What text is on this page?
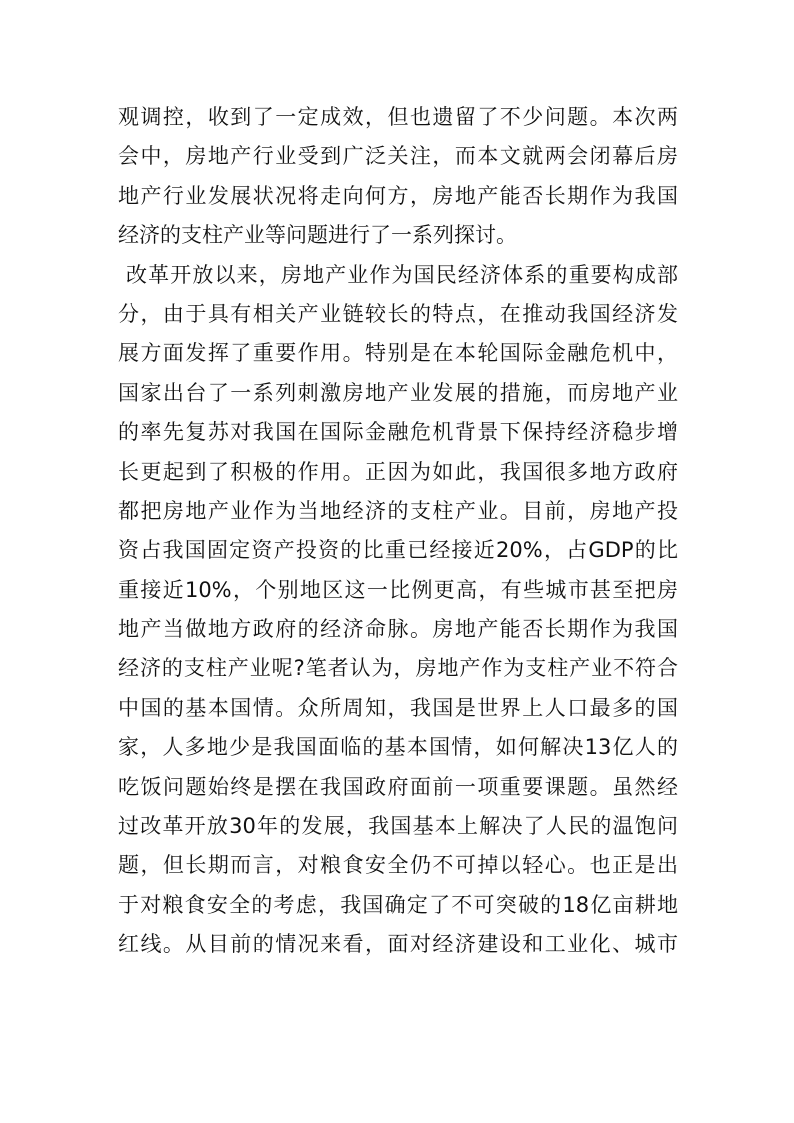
观调控，收到了一定成效，但也遗留了不少问题。本次两
会中，房地产行业受到广泛关注，而本文就两会闭幕后房
地产行业发展状况将走向何方，房地产能否长期作为我国
经济的支柱产业等问题进行了一系列探讨。
改革开放以来，房地产业作为国民经济体系的重要构成部
分，由于具有相关产业链较长的特点，在推动我国经济发
展方面发挥了重要作用。特别是在本轮国际金融危机中，
国家出台了一系列刺激房地产业发展的措施，而房地产业
的率先复苏对我国在国际金融危机背景下保持经济稳步增
长更起到了积极的作用。正因为如此，我国很多地方政府
都把房地产业作为当地经济的支柱产业。目前，房地产投
资占我国固定资产投资的比重已经接近20%，占GDP的比
重接近10%，个别地区这一比例更高，有些城市甚至把房
地产当做地方政府的经济命脉。房地产能否长期作为我国
经济的支柱产业呢?笔者认为，房地产作为支柱产业不符合
中国的基本国情。众所周知，我国是世界上人口最多的国
家，人多地少是我国面临的基本国情，如何解决13亿人的
吃饭问题始终是摆在我国政府面前一项重要课题。虽然经
过改革开放30年的发展，我国基本上解决了人民的温饱问
题，但长期而言，对粮食安全仍不可掉以轻心。也正是出
于对粮食安全的考虑，我国确定了不可突破的18亿亩耕地
红线。从目前的情况来看，面对经济建设和工业化、城市
